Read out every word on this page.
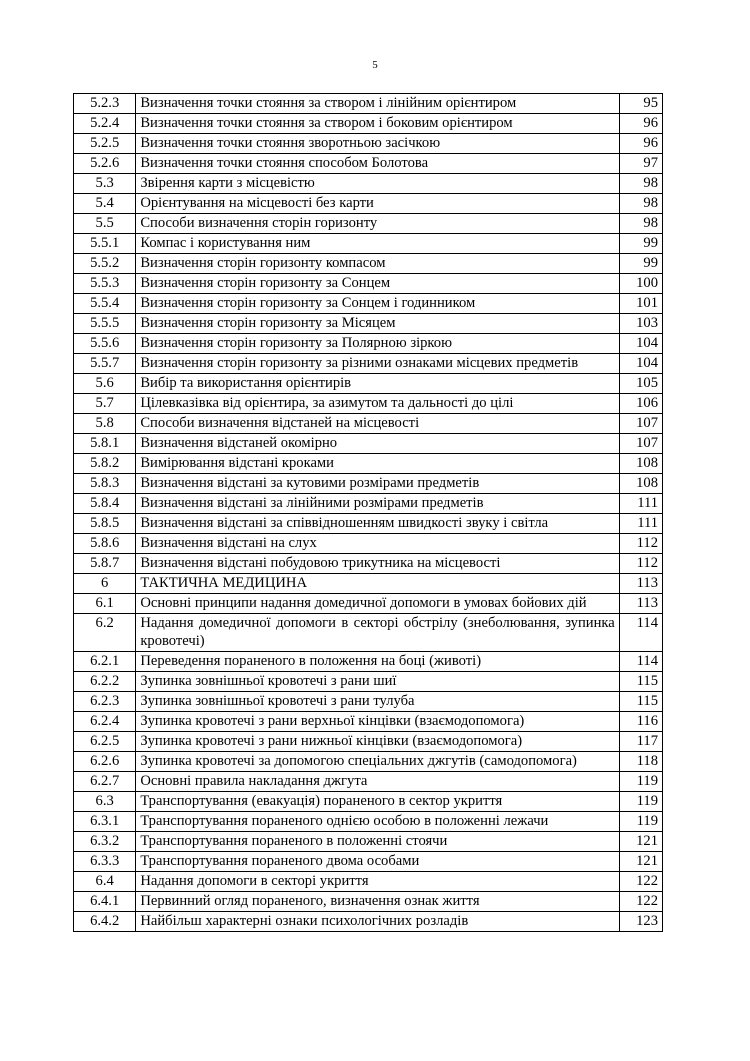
5
5.2.3	Визначення точки стояння за створом і лінійним орієнтиром	95
5.2.4	Визначення точки стояння за створом і боковим орієнтиром	96
5.2.5	Визначення точки стояння зворотньою засічкою	96
5.2.6	Визначення точки стояння способом Болотова	97
5.3	Звірення карти з місцевістю	98
5.4	Орієнтування на місцевості без карти	98
5.5	Способи визначення сторін горизонту	98
5.5.1	Компас і користування ним	99
5.5.2	Визначення сторін горизонту компасом	99
5.5.3	Визначення сторін горизонту за Сонцем	100
5.5.4	Визначення сторін горизонту за Сонцем і годинником	101
5.5.5	Визначення сторін горизонту за Місяцем	103
5.5.6	Визначення сторін горизонту за Полярною зіркою	104
5.5.7	Визначення сторін горизонту за різними ознаками місцевих предметів	104
5.6	Вибір та використання орієнтирів	105
5.7	Цілевказівка від орієнтира, за азимутом та дальності до цілі	106
5.8	Способи визначення відстаней на місцевості	107
5.8.1	Визначення відстаней окомірно	107
5.8.2	Вимірювання відстані кроками	108
5.8.3	Визначення відстані за кутовими розмірами предметів	108
5.8.4	Визначення відстані за лінійними розмірами предметів	111
5.8.5	Визначення відстані за співвідношенням швидкості звуку і світла	111
5.8.6	Визначення відстані на слух	112
5.8.7	Визначення відстані побудовою трикутника на місцевості	112
6	ТАКТИЧНА МЕДИЦИНА	113
6.1	Основні принципи надання домедичної допомоги в умовах бойових дій	113
6.2	Надання домедичної допомоги в секторі обстрілу (знеболювання, зупинка кровотечі)	114
6.2.1	Переведення пораненого в положення на боці (животі)	114
6.2.2	Зупинка зовнішньої кровотечі з рани шиї	115
6.2.3	Зупинка зовнішньої кровотечі з рани тулуба	115
6.2.4	Зупинка кровотечі з рани верхньої кінцівки (взаємодопомога)	116
6.2.5	Зупинка кровотечі з рани нижньої кінцівки (взаємодопомога)	117
6.2.6	Зупинка кровотечі за допомогою спеціальних джгутів (самодопомога)	118
6.2.7	Основні правила накладання джгута	119
6.3	Транспортування (евакуація) пораненого в сектор укриття	119
6.3.1	Транспортування пораненого однією особою в положенні лежачи	119
6.3.2	Транспортування пораненого в положенні стоячи	121
6.3.3	Транспортування пораненого двома особами	121
6.4	Надання допомоги в секторі укриття	122
6.4.1	Первинний огляд пораненого, визначення ознак життя	122
6.4.2	Найбільш характерні ознаки психологічних розладів	123
